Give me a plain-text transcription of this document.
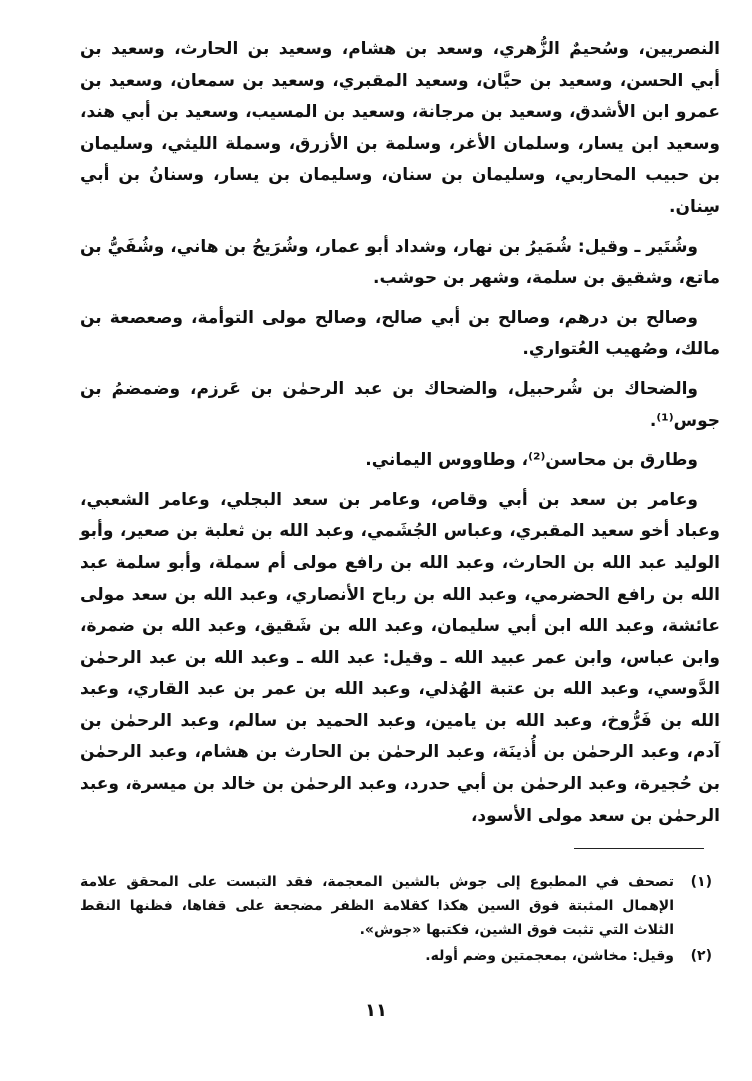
النصريين، وسُحيمٌ الزُّهري، وسعد بن هشام، وسعيد بن الحارث، وسعيد بن أبي الحسن، وسعيد بن حيَّان، وسعيد المقبري، وسعيد بن سمعان، وسعيد بن عمرو ابن الأشدق، وسعيد بن مرجانة، وسعيد بن المسيب، وسعيد بن أبي هند، وسعيد ابن يسار، وسلمان الأغر، وسلمة بن الأزرق، وسملة الليثي، وسليمان بن حبيب المحاربي، وسليمان بن سنان، وسليمان بن يسار، وسنانُ بن أبي سِنان.

وشُتَير ـ وقيل: شُمَيرُ بن نهار، وشداد أبو عمار، وشُرَيحُ بن هاني، وشُفَيُّ بن ماتع، وشقيق بن سلمة، وشهر بن حوشب.

وصالح بن درهم، وصالح بن أبي صالح، وصالح مولى التوأمة، وصعصعة بن مالك، وصُهيب العُتواري.

والضحاك بن شُرحبيل، والضحاك بن عبد الرحمٰن بن عَرزم، وضمضمُ بن جوس⁽¹⁾.

وطارق بن محاسن⁽²⁾، وطاووس اليماني.

وعامر بن سعد بن أبي وقاص، وعامر بن سعد البجلي، وعامر الشعبي، وعباد أخو سعيد المقبري، وعباس الجُشَمي، وعبد الله بن ثعلبة بن صعير، وأبو الوليد عبد الله بن الحارث، وعبد الله بن رافع مولى أم سملة، وأبو سلمة عبد الله بن رافع الحضرمي، وعبد الله بن رباح الأنصاري، وعبد الله بن سعد مولى عائشة، وعبد الله ابن أبي سليمان، وعبد الله بن شَقيق، وعبد الله بن ضمرة، وابن عباس، وابن عمر عبيد الله ـ وقيل: عبد الله ـ وعبد الله بن عبد الرحمٰن الدَّوسي، وعبد الله بن عتبة الهُذلي، وعبد الله بن عمر بن عبد القاري، وعبد الله بن فَرُّوخ، وعبد الله بن يامين، وعبد الحميد بن سالم، وعبد الرحمٰن بن آدم، وعبد الرحمٰن بن أُذينَة، وعبد الرحمٰن بن الحارث بن هشام، وعبد الرحمٰن بن حُجيرة، وعبد الرحمٰن بن أبي حدرد، وعبد الرحمٰن بن خالد بن ميسرة، وعبد الرحمٰن بن سعد مولى الأسود،

(١)
تصحف في المطبوع إلى جوش بالشين المعجمة، فقد التبست على المحقق علامة الإهمال المثبتة فوق السين هكذا كقلامة الظفر مضجعة على قفاها، فظنها النقط الثلاث التي تثبت فوق الشين، فكتبها «جوش».
(٢)
وقيل: مخاشن، بمعجمتين وضم أوله.
١١
